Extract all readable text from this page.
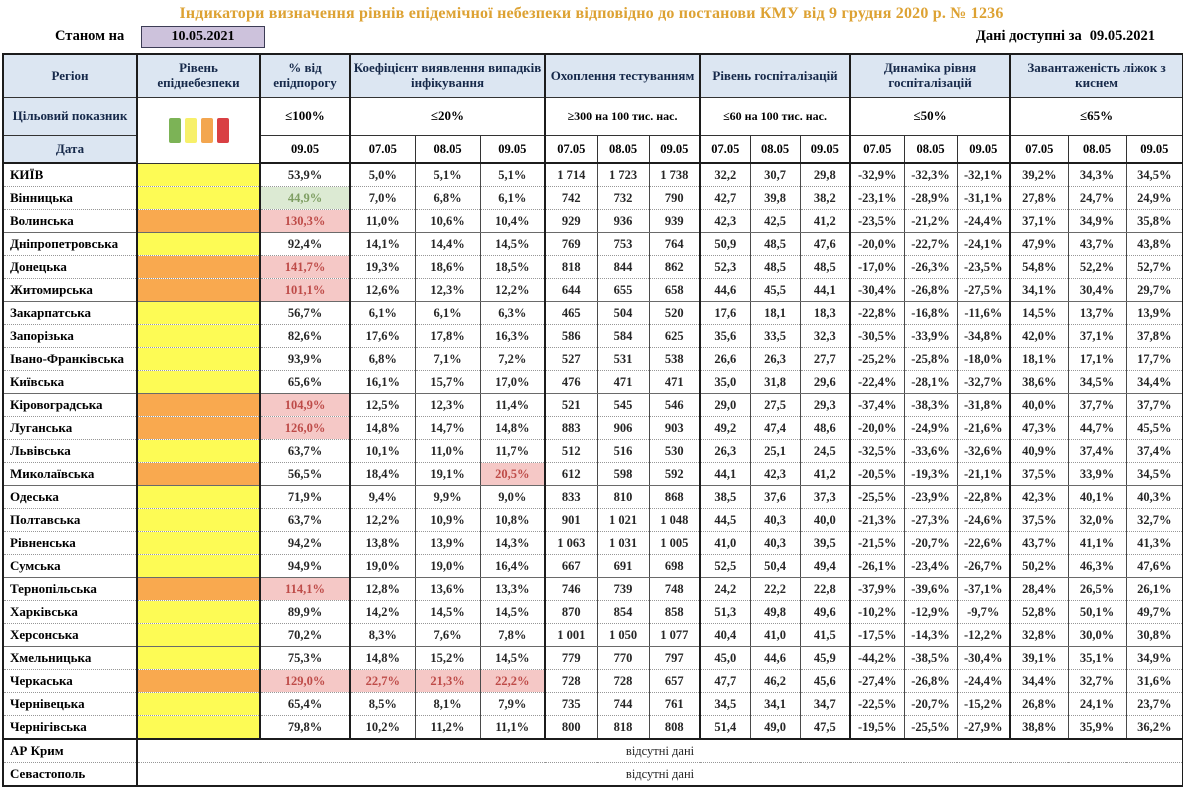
Індикатори визначення рівнів епідемічної небезпеки відповідно до постанови КМУ від 9 грудня 2020 р. № 1236
Станом на	10.05.2021	Дані доступні за 09.05.2021
Регіон	Рівень епіднебезпеки	% від епідпорогу	Коефіцієнт виявлення випадків інфікування			Охоплення тестуванням			Рівень госпіталізацій			Динаміка рівня госпіталізацій			Завантаженість ліжок з киснем		
Цільовий показник		≤100%	≤20%			≥300 на 100 тис. нас.			≤60 на 100 тис. нас.			≤50%			≤65%		
Дата		09.05	07.05	08.05	09.05	07.05	08.05	09.05	07.05	08.05	09.05	07.05	08.05	09.05	07.05	08.05	09.05
КИЇВ		53,9%	5,0%	5,1%	5,1%	1 714	1 723	1 738	32,2	30,7	29,8	-32,9%	-32,3%	-32,1%	39,2%	34,3%	34,5%
Вінницька		44,9%	7,0%	6,8%	6,1%	742	732	790	42,7	39,8	38,2	-23,1%	-28,9%	-31,1%	27,8%	24,7%	24,9%
Волинська		130,3%	11,0%	10,6%	10,4%	929	936	939	42,3	42,5	41,2	-23,5%	-21,2%	-24,4%	37,1%	34,9%	35,8%
Дніпропетровська		92,4%	14,1%	14,4%	14,5%	769	753	764	50,9	48,5	47,6	-20,0%	-22,7%	-24,1%	47,9%	43,7%	43,8%
Донецька		141,7%	19,3%	18,6%	18,5%	818	844	862	52,3	48,5	48,5	-17,0%	-26,3%	-23,5%	54,8%	52,2%	52,7%
Житомирська		101,1%	12,6%	12,3%	12,2%	644	655	658	44,6	45,5	44,1	-30,4%	-26,8%	-27,5%	34,1%	30,4%	29,7%
Закарпатська		56,7%	6,1%	6,1%	6,3%	465	504	520	17,6	18,1	18,3	-22,8%	-16,8%	-11,6%	14,5%	13,7%	13,9%
Запорізька		82,6%	17,6%	17,8%	16,3%	586	584	625	35,6	33,5	32,3	-30,5%	-33,9%	-34,8%	42,0%	37,1%	37,8%
Івано-Франківська		93,9%	6,8%	7,1%	7,2%	527	531	538	26,6	26,3	27,7	-25,2%	-25,8%	-18,0%	18,1%	17,1%	17,7%
Київська		65,6%	16,1%	15,7%	17,0%	476	471	471	35,0	31,8	29,6	-22,4%	-28,1%	-32,7%	38,6%	34,5%	34,4%
Кіровоградська		104,9%	12,5%	12,3%	11,4%	521	545	546	29,0	27,5	29,3	-37,4%	-38,3%	-31,8%	40,0%	37,7%	37,7%
Луганська		126,0%	14,8%	14,7%	14,8%	883	906	903	49,2	47,4	48,6	-20,0%	-24,9%	-21,6%	47,3%	44,7%	45,5%
Львівська		63,7%	10,1%	11,0%	11,7%	512	516	530	26,3	25,1	24,5	-32,5%	-33,6%	-32,6%	40,9%	37,4%	37,4%
Миколаївська		56,5%	18,4%	19,1%	20,5%	612	598	592	44,1	42,3	41,2	-20,5%	-19,3%	-21,1%	37,5%	33,9%	34,5%
Одеська		71,9%	9,4%	9,9%	9,0%	833	810	868	38,5	37,6	37,3	-25,5%	-23,9%	-22,8%	42,3%	40,1%	40,3%
Полтавська		63,7%	12,2%	10,9%	10,8%	901	1 021	1 048	44,5	40,3	40,0	-21,3%	-27,3%	-24,6%	37,5%	32,0%	32,7%
Рівненська		94,2%	13,8%	13,9%	14,3%	1 063	1 031	1 005	41,0	40,3	39,5	-21,5%	-20,7%	-22,6%	43,7%	41,1%	41,3%
Сумська		94,9%	19,0%	19,0%	16,4%	667	691	698	52,5	50,4	49,4	-26,1%	-23,4%	-26,7%	50,2%	46,3%	47,6%
Тернопільська		114,1%	12,8%	13,6%	13,3%	746	739	748	24,2	22,2	22,8	-37,9%	-39,6%	-37,1%	28,4%	26,5%	26,1%
Харківська		89,9%	14,2%	14,5%	14,5%	870	854	858	51,3	49,8	49,6	-10,2%	-12,9%	-9,7%	52,8%	50,1%	49,7%
Херсонська		70,2%	8,3%	7,6%	7,8%	1 001	1 050	1 077	40,4	41,0	41,5	-17,5%	-14,3%	-12,2%	32,8%	30,0%	30,8%
Хмельницька		75,3%	14,8%	15,2%	14,5%	779	770	797	45,0	44,6	45,9	-44,2%	-38,5%	-30,4%	39,1%	35,1%	34,9%
Черкаська		129,0%	22,7%	21,3%	22,2%	728	728	657	47,7	46,2	45,6	-27,4%	-26,8%	-24,4%	34,4%	32,7%	31,6%
Чернівецька		65,4%	8,5%	8,1%	7,9%	735	744	761	34,5	34,1	34,7	-22,5%	-20,7%	-15,2%	26,8%	24,1%	23,7%
Чернігівська		79,8%	10,2%	11,2%	11,1%	800	818	808	51,4	49,0	47,5	-19,5%	-25,5%	-27,9%	38,8%	35,9%	36,2%
АР Крим	відсутні дані																
Севастополь	відсутні дані																
